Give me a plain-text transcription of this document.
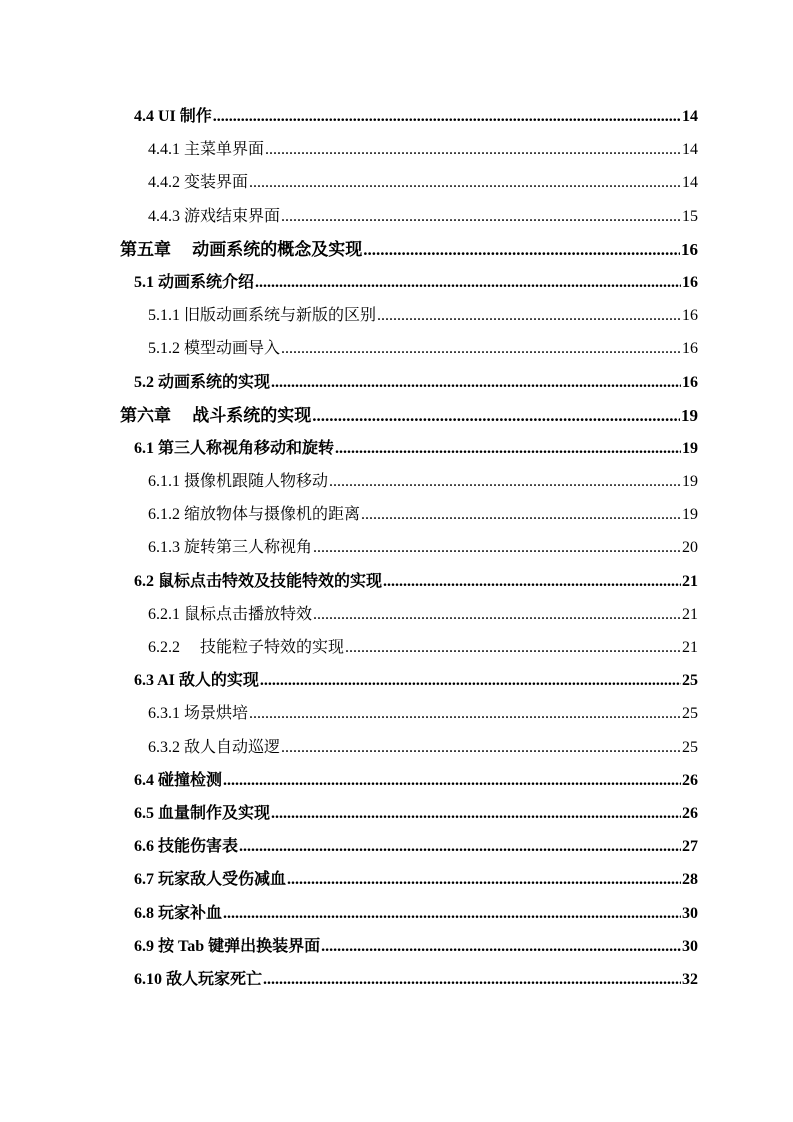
4.4 UI 制作 .....	14
4.4.1 主菜单界面 .....	14
4.4.2 变装界面 .....	14
4.4.3 游戏结束界面 .....	15
第五章　 动画系统的概念及实现 .....	16
5.1 动画系统介绍 .....	16
5.1.1 旧版动画系统与新版的区别 .....	16
5.1.2 模型动画导入 .....	16
5.2 动画系统的实现 .....	16
第六章　 战斗系统的实现 .....	19
6.1 第三人称视角移动和旋转 .....	19
6.1.1 摄像机跟随人物移动 .....	19
6.1.2 缩放物体与摄像机的距离 .....	19
6.1.3 旋转第三人称视角 .....	20
6.2 鼠标点击特效及技能特效的实现 .....	21
6.2.1 鼠标点击播放特效 .....	21
6.2.2　 技能粒子特效的实现 .....	21
6.3 AI 敌人的实现 .....	25
6.3.1 场景烘培 .....	25
6.3.2 敌人自动巡逻 .....	25
6.4 碰撞检测 .....	26
6.5 血量制作及实现 .....	26
6.6 技能伤害表 .....	27
6.7 玩家敌人受伤减血 .....	28
6.8 玩家补血 .....	30
6.9 按 Tab 键弹出换装界面 .....	30
6.10 敌人玩家死亡 .....	32
